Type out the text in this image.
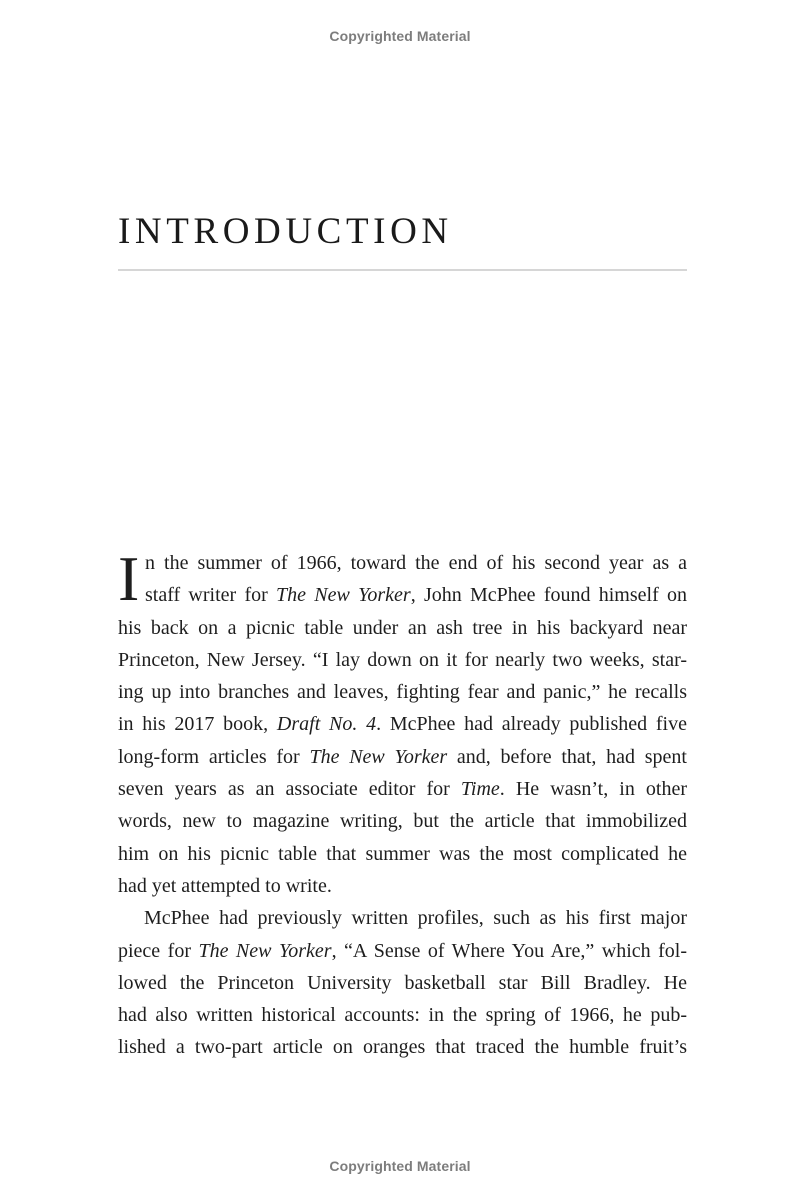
Copyrighted Material
INTRODUCTION
I n the summer of 1966, toward the end of his second year as a
staff writer for The New Yorker, John McPhee found himself on
his back on a picnic table under an ash tree in his backyard near
Princeton, New Jersey. “I lay down on it for nearly two weeks, star-
ing up into branches and leaves, fighting fear and panic,” he recalls
in his 2017 book, Draft No. 4. McPhee had already published five
long-form articles for The New Yorker and, before that, had spent
seven years as an associate editor for Time. He wasn’t, in other
words, new to magazine writing, but the article that immobilized
him on his picnic table that summer was the most complicated he
had yet attempted to write.
McPhee had previously written profiles, such as his first major
piece for The New Yorker, “A Sense of Where You Are,” which fol-
lowed the Princeton University basketball star Bill Bradley. He
had also written historical accounts: in the spring of 1966, he pub-
lished a two-part article on oranges that traced the humble fruit’s
Copyrighted Material
